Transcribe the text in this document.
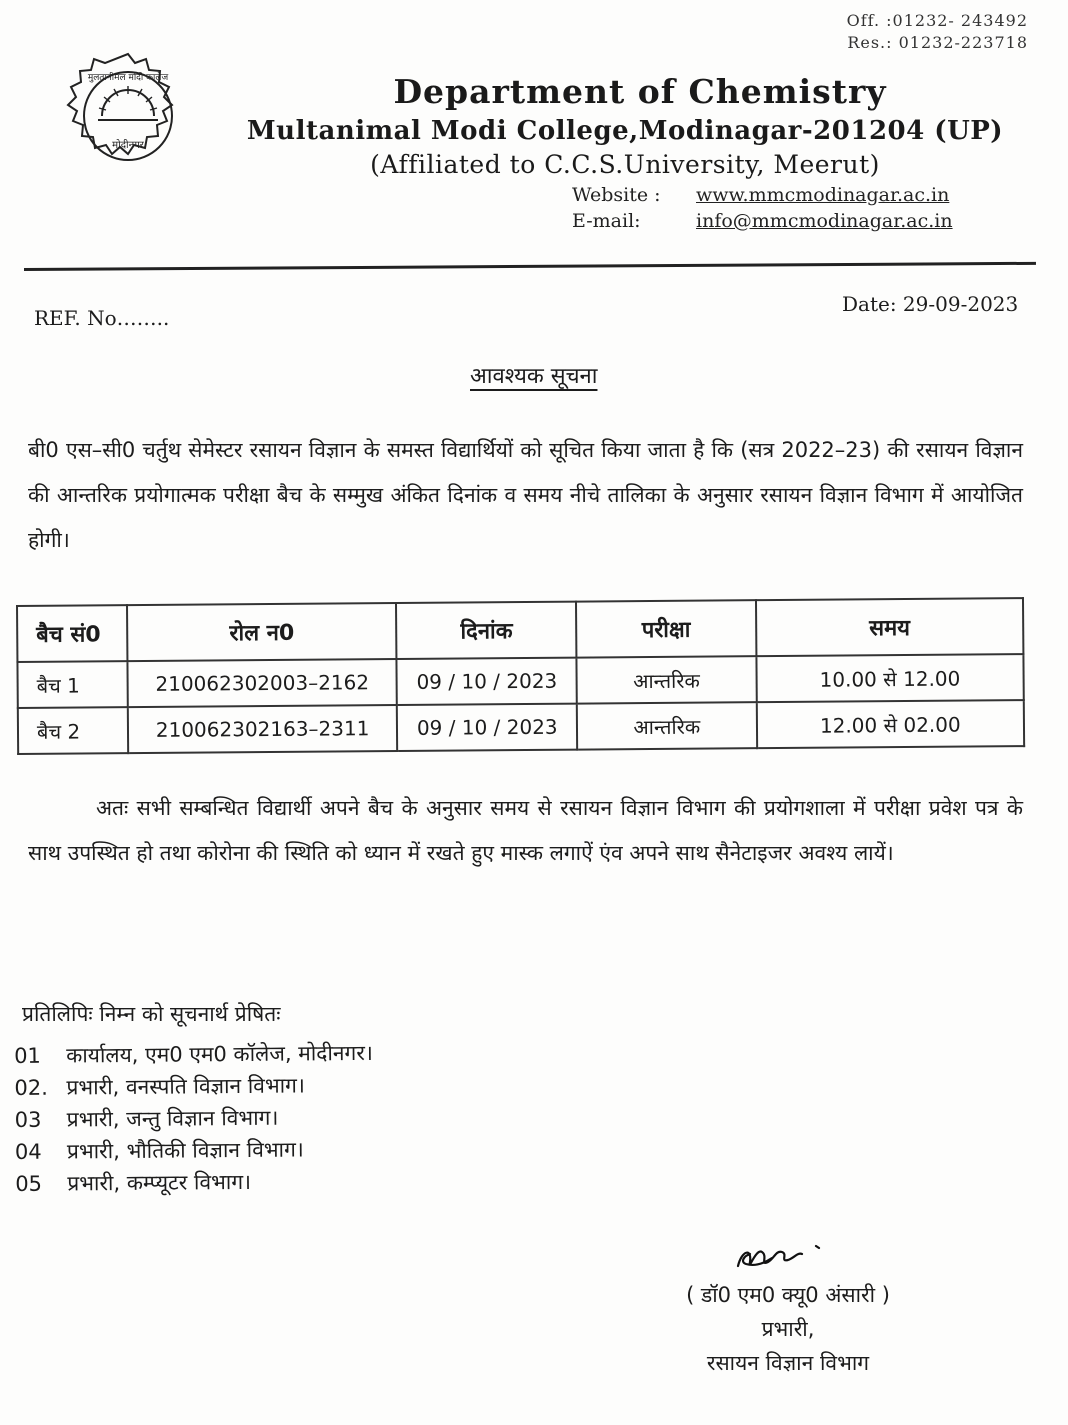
Off. :01232- 243492
Res.: 01232-223718
मुलतानीमल मोदी कालेज
मोदीनगर
Department of Chemistry
Multanimal Modi College,Modinagar-201204 (UP)
(Affiliated to C.C.S.University, Meerut)
Website :	www.mmcmodinagar.ac.in
E-mail:	info@mmcmodinagar.ac.in
REF. No……..
Date: 29-09-2023
आवश्यक सूचना
बी0 एस–सी0 चर्तुथ सेमेस्टर रसायन विज्ञान के समस्त विद्यार्थियों को सूचित किया जाता है कि (सत्र 2022–23) की रसायन विज्ञान की आन्तरिक प्रयोगात्मक परीक्षा बैच के सम्मुख अंकित दिनांक व समय नीचे तालिका के अनुसार रसायन विज्ञान विभाग में आयोजित होगी।
बैच सं0	रोल न0	दिनांक	परीक्षा	समय
बैच 1	210062302003–2162	09 / 10 / 2023	आन्तरिक	10.00 से 12.00
बैच 2	210062302163–2311	09 / 10 / 2023	आन्तरिक	12.00 से 02.00
अतः सभी सम्बन्धित विद्यार्थी अपने बैच के अनुसार समय से रसायन विज्ञान विभाग की प्रयोगशाला में परीक्षा प्रवेश पत्र के साथ उपस्थित हो तथा कोरोना की स्थिति को ध्यान में रखते हुए मास्क लगाऐं एंव अपने साथ सैनेटाइजर अवश्य लायें।
प्रतिलिपिः निम्न को सूचनार्थ प्रेषितः
01	कार्यालय, एम0 एम0 कॉलेज, मोदीनगर।
02. प्रभारी, वनस्पति विज्ञान विभाग।
03	प्रभारी, जन्तु विज्ञान विभाग।
04	प्रभारी, भौतिकी विज्ञान विभाग।
05	प्रभारी, कम्प्यूटर विभाग।
( डॉ0 एम0 क्यू0 अंसारी )
प्रभारी,
रसायन विज्ञान विभाग
